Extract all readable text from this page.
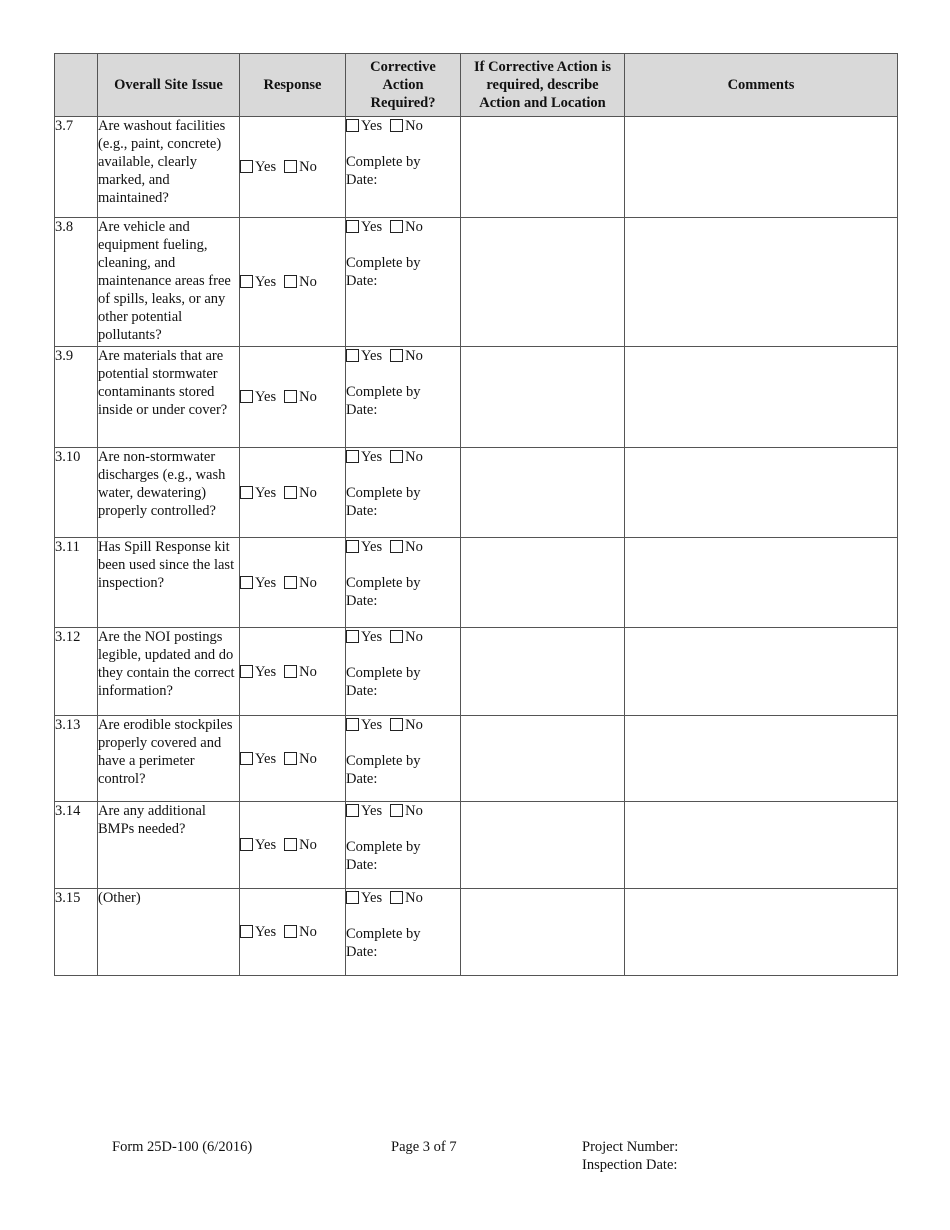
	Overall Site Issue	Response	Corrective Action Required?	If Corrective Action is required, describe Action and Location	Comments
3.7	Are washout facilities (e.g., paint, concrete) available, clearly marked, and maintained?	Yes No	Yes No
Complete by
Date:		

3.8	Are vehicle and equipment fueling, cleaning, and maintenance areas free of spills, leaks, or any other potential pollutants?	Yes No	Yes No
Complete by
Date:		

3.9	Are materials that are potential stormwater contaminants stored inside or under cover?	Yes No	Yes No
Complete by
Date:		

3.10	Are non-stormwater discharges (e.g., wash water, dewatering) properly controlled?	Yes No	Yes No
Complete by
Date:		

3.11	Has Spill Response kit been used since the last inspection?	Yes No	Yes No
Complete by
Date:		

3.12	Are the NOI postings legible, updated and do they contain the correct information?	Yes No	Yes No
Complete by
Date:		

3.13	Are erodible stockpiles properly covered and have a perimeter control?	Yes No	Yes No
Complete by
Date:		

3.14	Are any additional BMPs needed?	Yes No	Yes No
Complete by
Date:		

3.15	(Other)	Yes No	Yes No
Complete by
Date:		

Form 25D-100 (6/2016)	Page 3 of 7	Project Number:
Inspection Date:
